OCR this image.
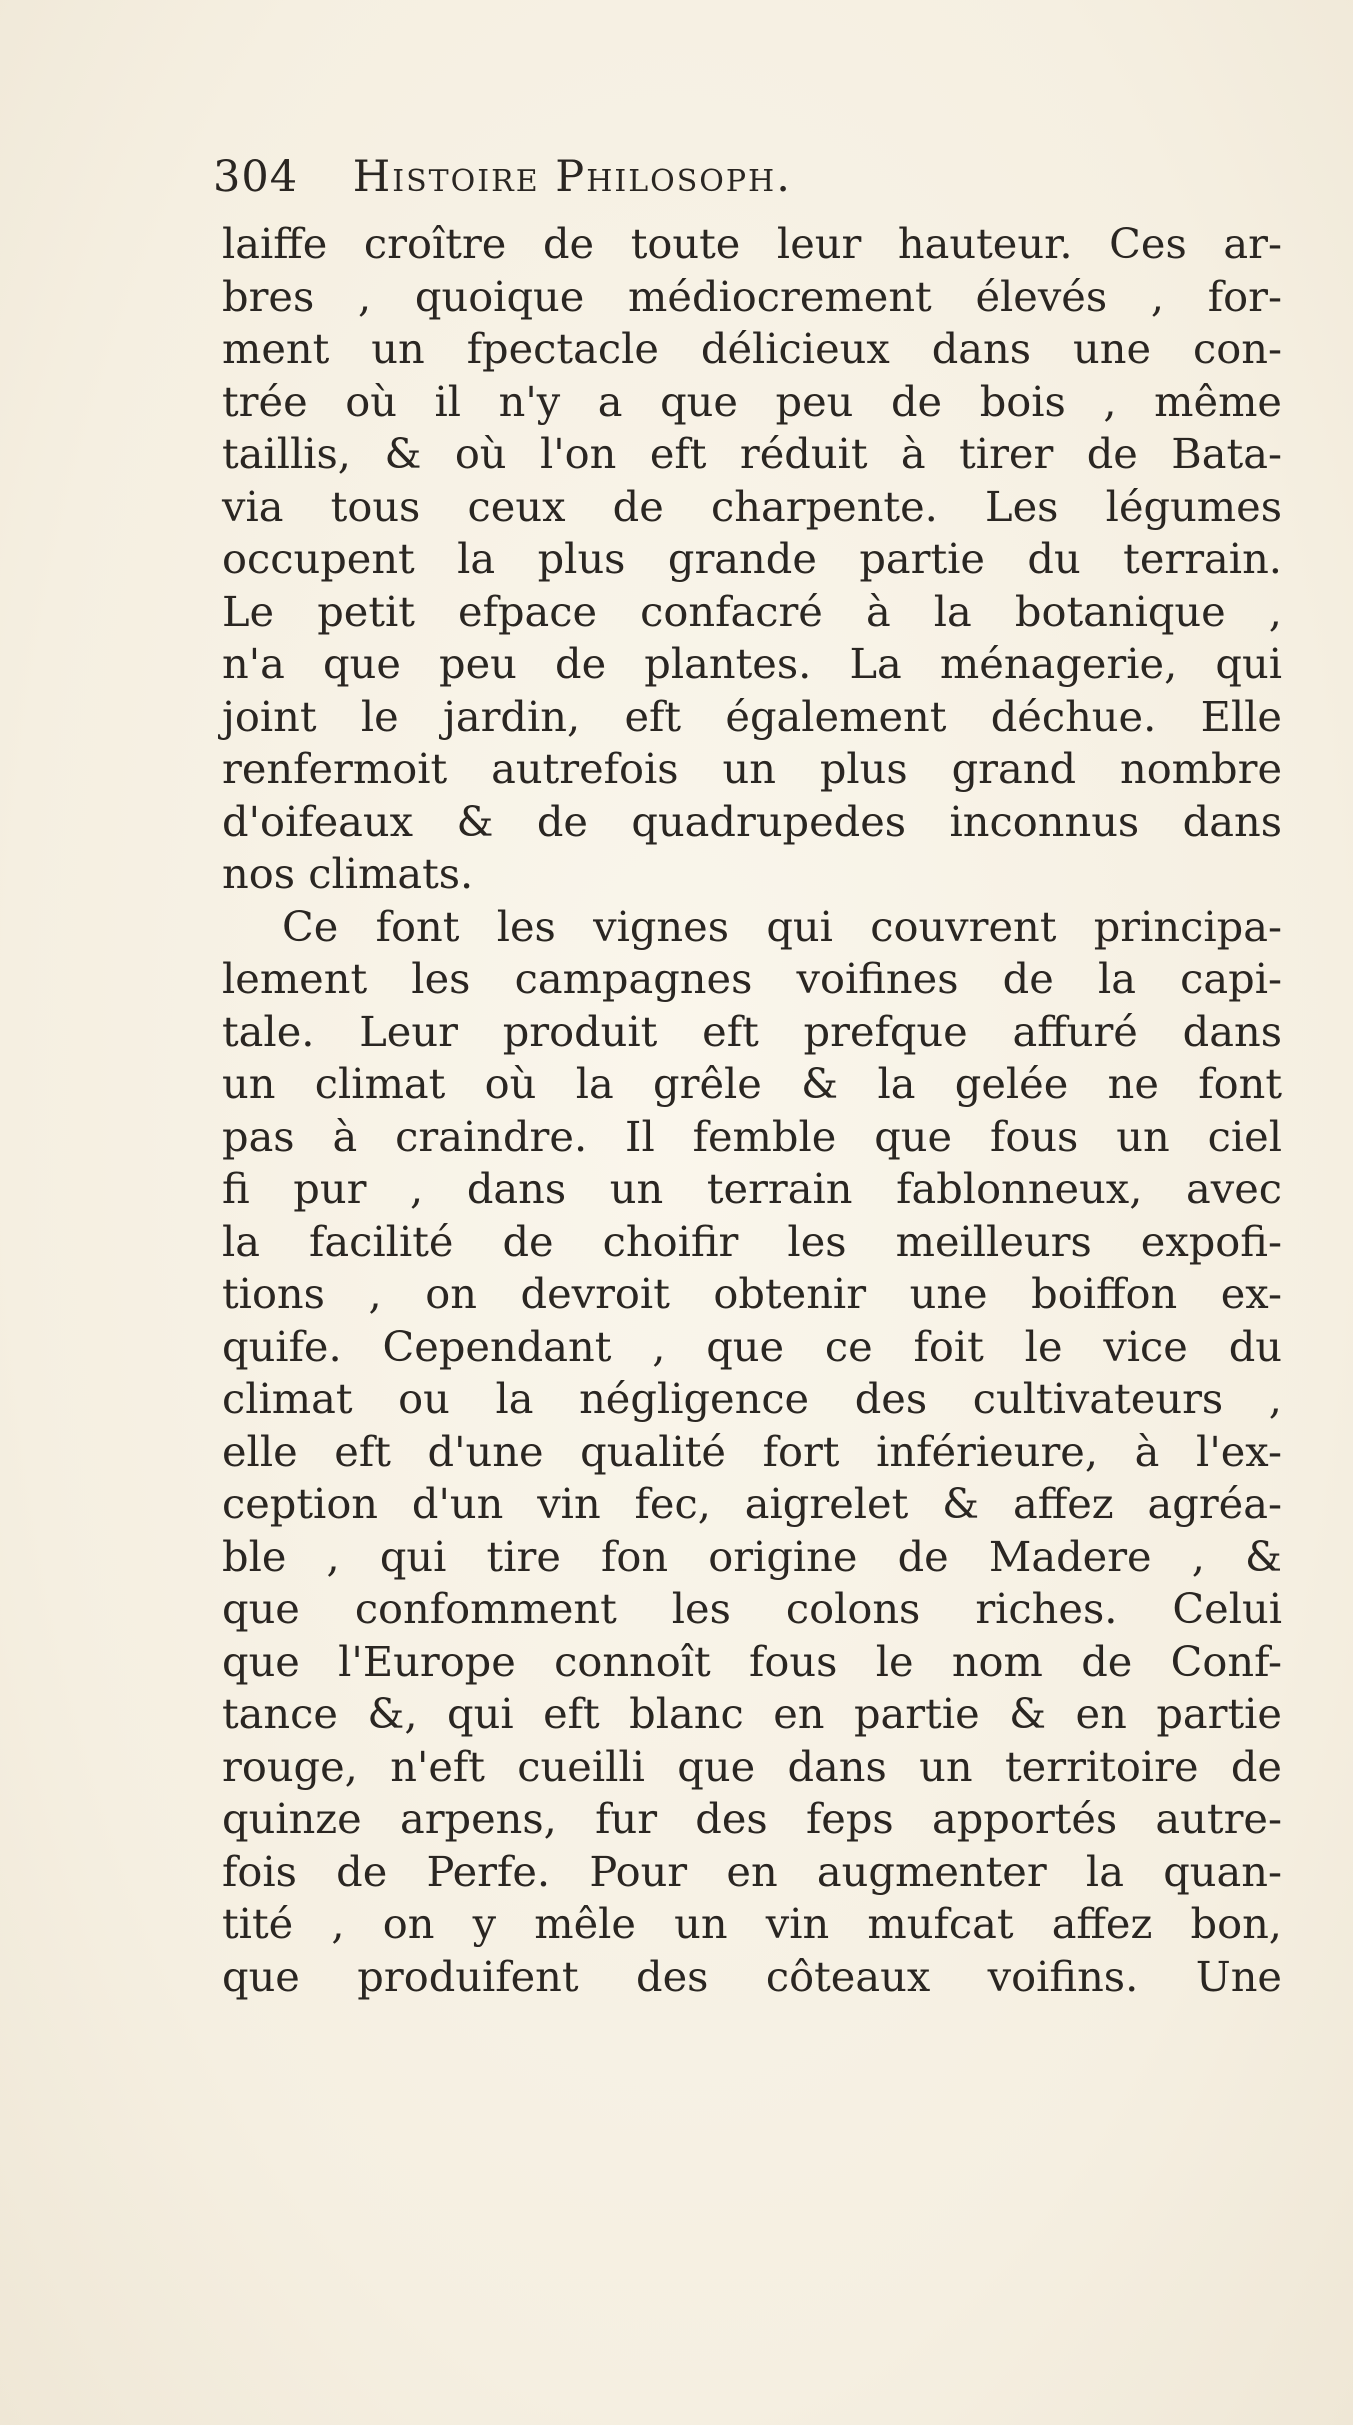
304 Histoire Philosoph.
laiffe croître de toute leur hauteur. Ces ar-
bres , quoique médiocrement élevés , for-
ment un fpectacle délicieux dans une con-
trée où il n'y a que peu de bois , même
taillis, & où l'on eft réduit à tirer de Bata-
via tous ceux de charpente. Les légumes
occupent la plus grande partie du terrain.
Le petit efpace confacré à la botanique ,
n'a que peu de plantes. La ménagerie, qui
joint le jardin, eft également déchue. Elle
renfermoit autrefois un plus grand nombre
d'oifeaux & de quadrupedes inconnus dans
nos climats.
Ce font les vignes qui couvrent principa-
lement les campagnes voifines de la capi-
tale. Leur produit eft prefque affuré dans
un climat où la grêle & la gelée ne font
pas à craindre. Il femble que fous un ciel
fi pur , dans un terrain fablonneux, avec
la facilité de choifir les meilleurs expofi-
tions , on devroit obtenir une boiffon ex-
quife. Cependant , que ce foit le vice du
climat ou la négligence des cultivateurs ,
elle eft d'une qualité fort inférieure, à l'ex-
ception d'un vin fec, aigrelet & affez agréa-
ble , qui tire fon origine de Madere , &
que confomment les colons riches. Celui
que l'Europe connoît fous le nom de Conf-
tance &, qui eft blanc en partie & en partie
rouge, n'eft cueilli que dans un territoire de
quinze arpens, fur des feps apportés autre-
fois de Perfe. Pour en augmenter la quan-
tité , on y mêle un vin mufcat affez bon,
que produifent des côteaux voifins. Une
